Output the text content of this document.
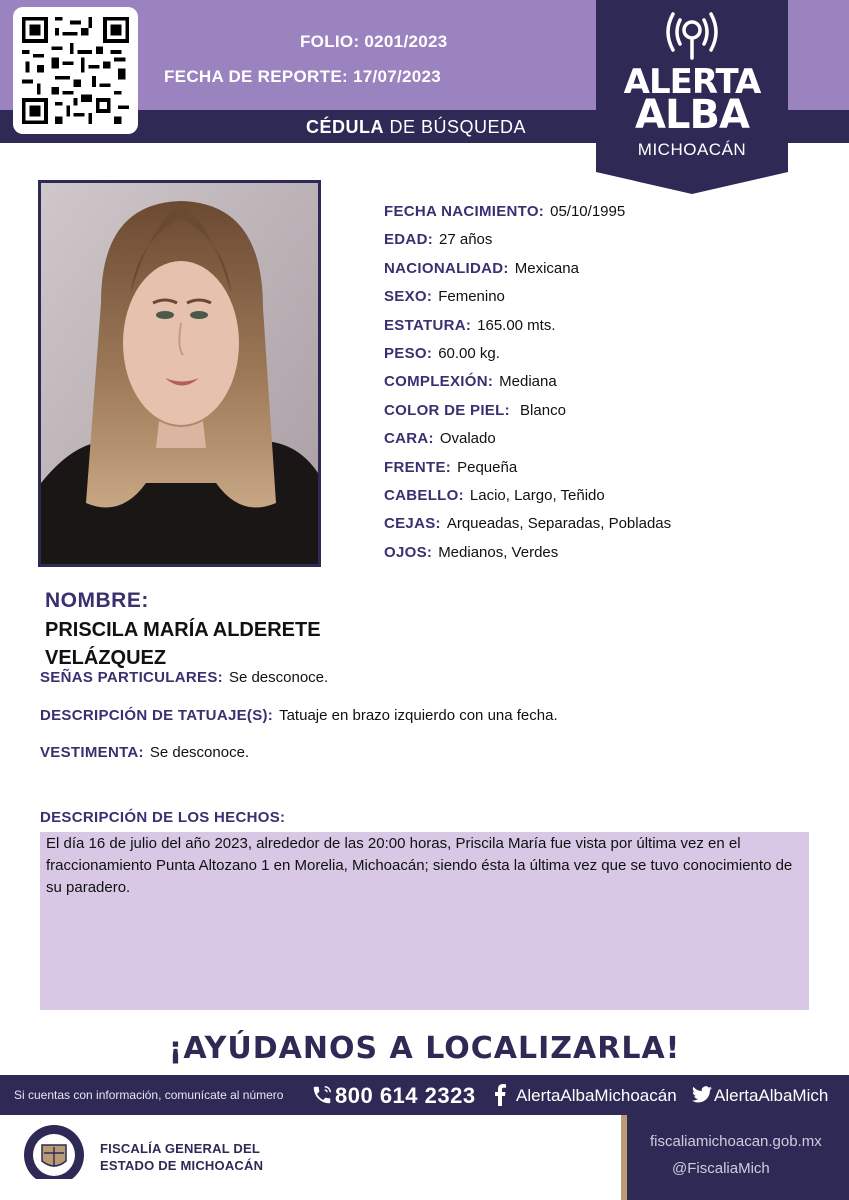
FOLIO: 0201/2023
FECHA DE REPORTE: 17/07/2023
CÉDULA DE BÚSQUEDA
ALERTA
ALBA
MICHOACÁN
FECHA NACIMIENTO: 05/10/1995
EDAD: 27 años
NACIONALIDAD: Mexicana
SEXO: Femenino
ESTATURA: 165.00 mts.
PESO: 60.00 kg.
COMPLEXIÓN: Mediana
COLOR DE PIEL: Blanco
CARA: Ovalado
FRENTE: Pequeña
CABELLO: Lacio, Largo, Teñido
CEJAS: Arqueadas, Separadas, Pobladas
OJOS: Medianos, Verdes
NOMBRE:
PRISCILA MARÍA ALDERETE VELÁZQUEZ
SEÑAS PARTICULARES: Se desconoce.
DESCRIPCIÓN DE TATUAJE(S): Tatuaje en brazo izquierdo con una fecha.
VESTIMENTA: Se desconoce.
DESCRIPCIÓN DE LOS HECHOS:
El día 16 de julio del año 2023, alrededor de las 20:00 horas, Priscila María fue vista por última vez en el fraccionamiento Punta Altozano 1 en Morelia, Michoacán; siendo ésta la última vez que se tuvo conocimiento de su paradero.
¡AYÚDANOS A LOCALIZARLA!
Si cuentas con información, comunícate al número 800 614 2323 AlertaAlbaMichoacán AlertaAlbaMich
FISCALÍA GENERAL DEL
ESTADO DE MICHOACÁN
fiscaliamichoacan.gob.mx
@FiscaliaMich
